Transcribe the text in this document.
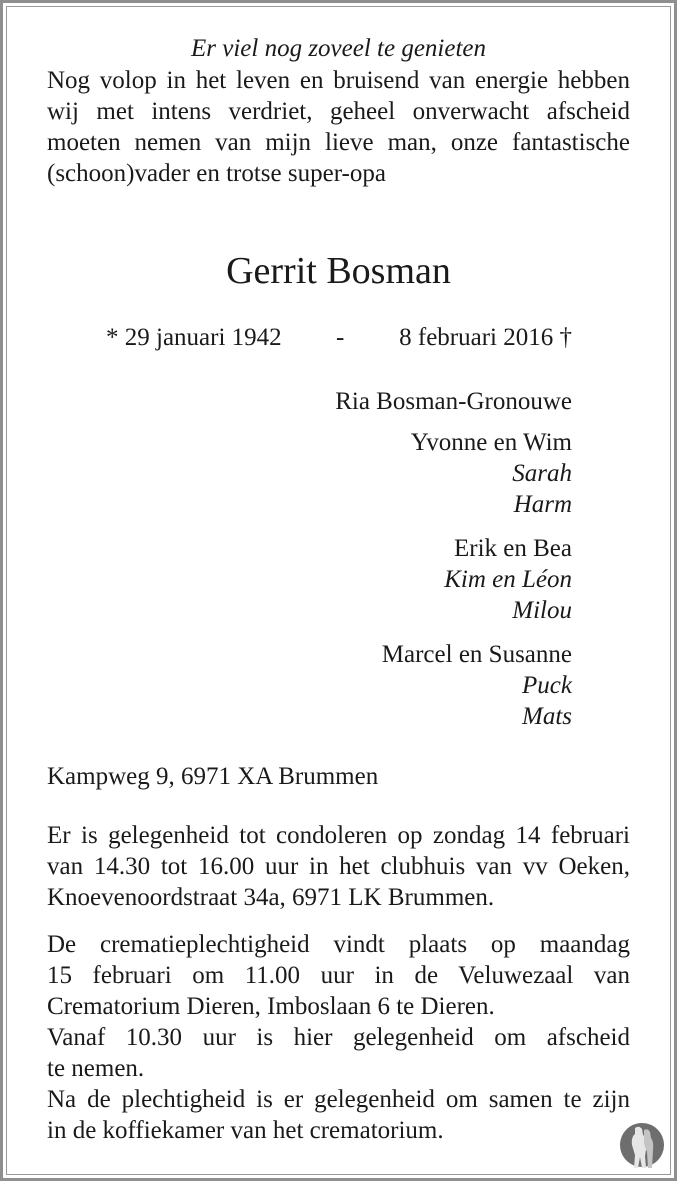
Er viel nog zoveel te genieten
Nog volop in het leven en bruisend van energie hebben
wij met intens verdriet, geheel onverwacht afscheid
moeten nemen van mijn lieve man, onze fantastische
(schoon)vader en trotse super-opa
Gerrit Bosman
* 29 januari 1942 - 8 februari 2016 †
Ria Bosman-Gronouwe
Yvonne en Wim
Sarah
Harm
Erik en Bea
Kim en Léon
Milou
Marcel en Susanne
Puck
Mats
Kampweg 9, 6971 XA Brummen
Er is gelegenheid tot condoleren op zondag 14 februari
van 14.30 tot 16.00 uur in het clubhuis van vv Oeken,
Knoevenoordstraat 34a, 6971 LK Brummen.
De crematieplechtigheid vindt plaats op maandag
15 februari om 11.00 uur in de Veluwezaal van
Crematorium Dieren, Imboslaan 6 te Dieren.
Vanaf 10.30 uur is hier gelegenheid om afscheid
te nemen.
Na de plechtigheid is er gelegenheid om samen te zijn
in de koffiekamer van het crematorium.
